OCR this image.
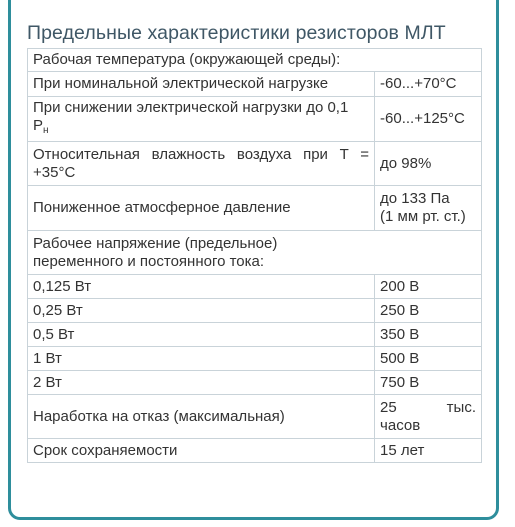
Предельные характеристики резисторов МЛТ
Рабочая температура (окружающей среды):	
При номинальной электрической нагрузке	-60...+70°C
При снижении электрической нагрузки до 0,1
$P_н$	-60...+125°C
Относительная влажность воздуха при T = +35°C	до 98%
Пониженное атмосферное давление	до 133 Па
(1 мм рт. ст.)
Рабочее напряжение (предельное) переменного и постоянного тока:	
0,125 Вт	200 В
0,25 Вт	250 В
0,5 Вт	350 В
1 Вт	500 В
2 Вт	750 В
Наработка на отказ (максимальная)	25 тыс.
часов
Срок сохраняемости	15 лет
